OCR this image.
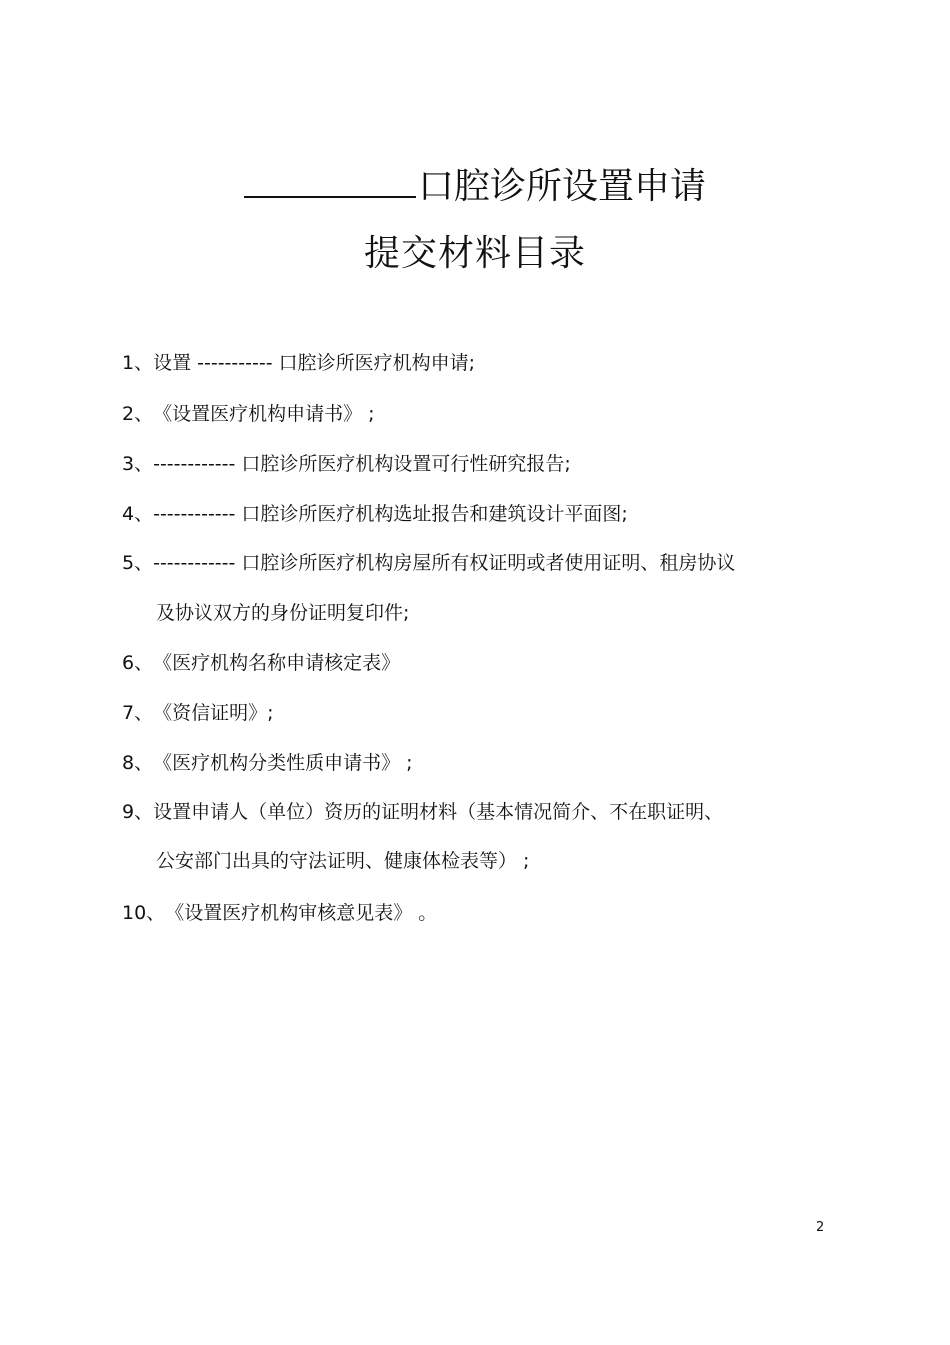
口腔诊所设置申请
提交材料目录
1、设置 ----------- 口腔诊所医疗机构申请;
2、《设置医疗机构申请书》 ;
3、------------ 口腔诊所医疗机构设置可行性研究报告;
4、------------ 口腔诊所医疗机构选址报告和建筑设计平面图;
5、------------ 口腔诊所医疗机构房屋所有权证明或者使用证明、租房协议
及协议双方的身份证明复印件;
6、《医疗机构名称申请核定表》
7、《资信证明》;
8、《医疗机构分类性质申请书》 ;
9、设置申请人（单位）资历的证明材料（基本情况简介、不在职证明、
公安部门出具的守法证明、健康体检表等） ;
10、《设置医疗机构审核意见表》 。
2
